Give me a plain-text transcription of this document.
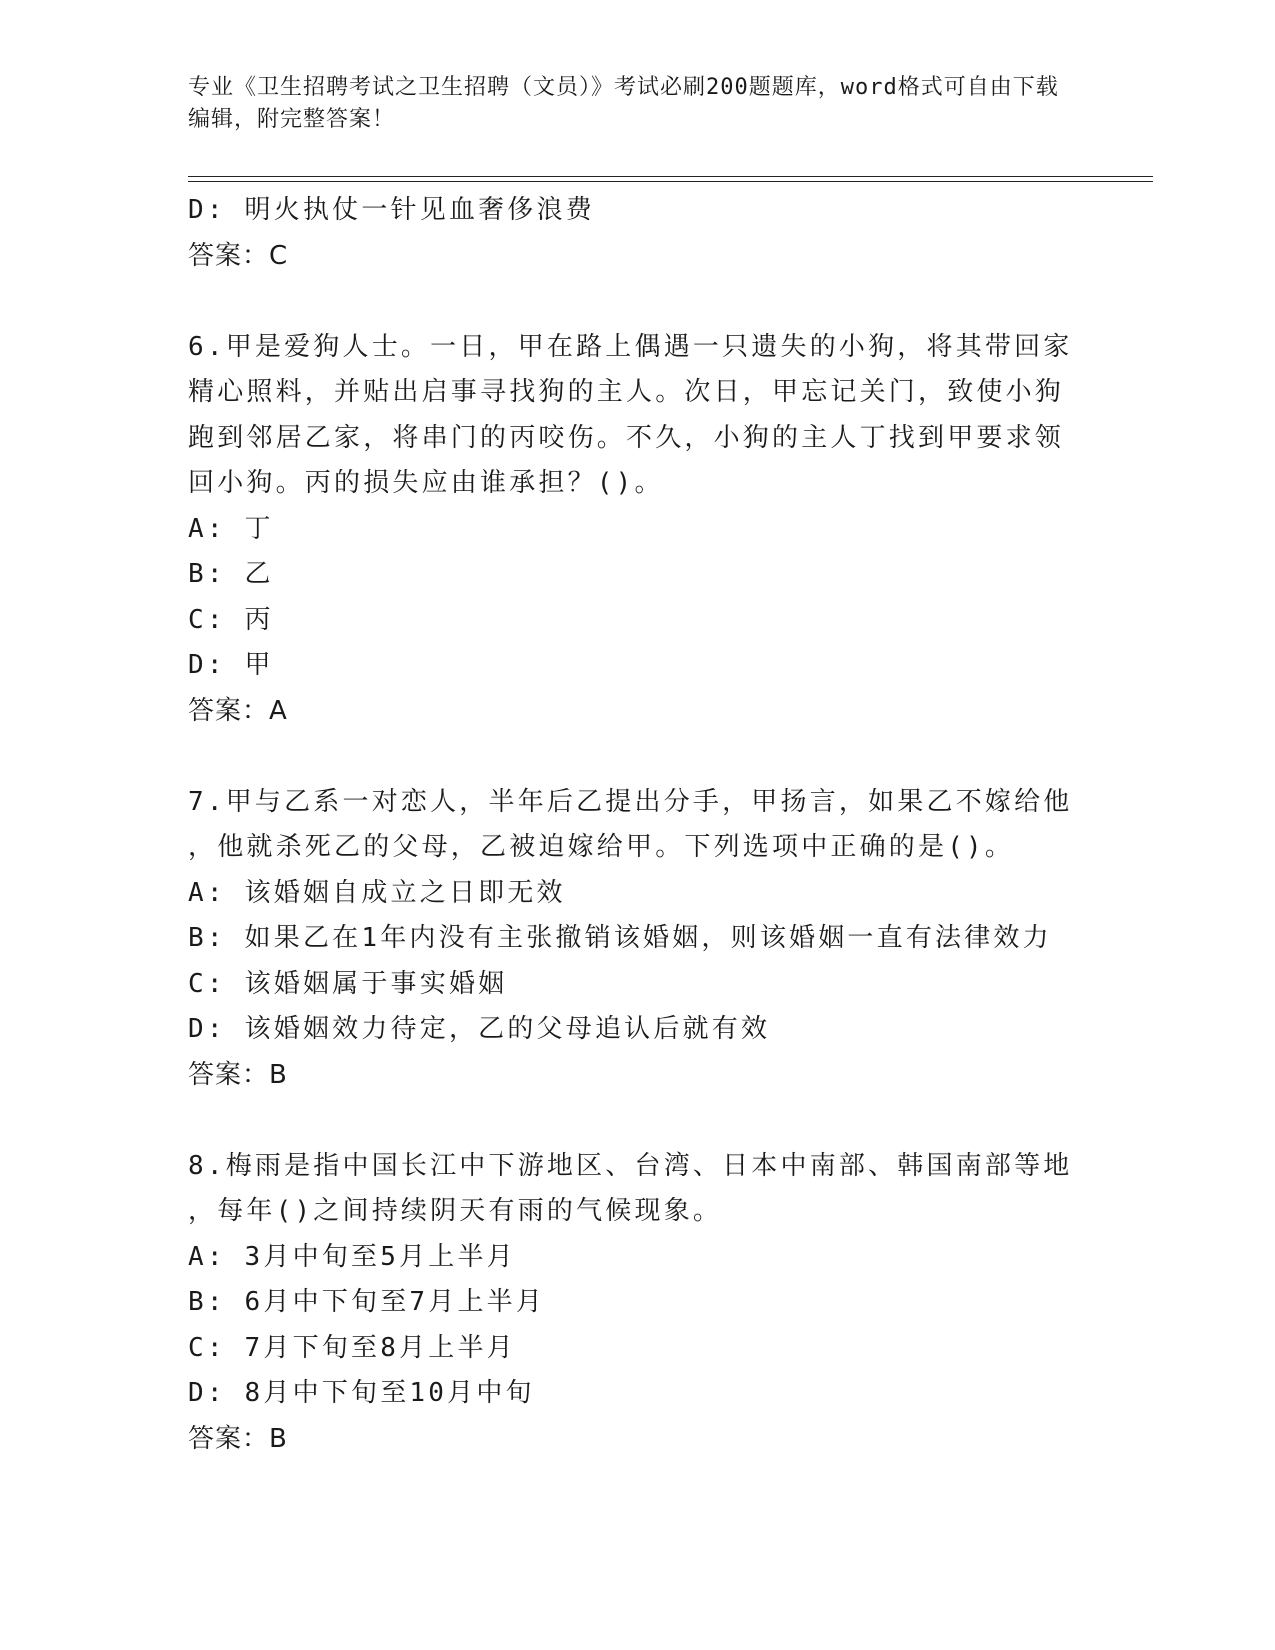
专业《卫生招聘考试之卫生招聘（文员）》考试必刷200题题库，word格式可自由下载编辑，附完整答案！
D: 明火执仗一针见血奢侈浪费
答案：C
6.甲是爱狗人士。一日，甲在路上偶遇一只遗失的小狗，将其带回家
精心照料，并贴出启事寻找狗的主人。次日，甲忘记关门，致使小狗
跑到邻居乙家，将串门的丙咬伤。不久，小狗的主人丁找到甲要求领
回小狗。丙的损失应由谁承担？()。
A: 丁
B: 乙
C: 丙
D: 甲
答案：A
7.甲与乙系一对恋人，半年后乙提出分手，甲扬言，如果乙不嫁给他
，他就杀死乙的父母，乙被迫嫁给甲。下列选项中正确的是()。
A: 该婚姻自成立之日即无效
B: 如果乙在1年内没有主张撤销该婚姻，则该婚姻一直有法律效力
C: 该婚姻属于事实婚姻
D: 该婚姻效力待定，乙的父母追认后就有效
答案：B
8.梅雨是指中国长江中下游地区、台湾、日本中南部、韩国南部等地
，每年()之间持续阴天有雨的气候现象。
A: 3月中旬至5月上半月
B: 6月中下旬至7月上半月
C: 7月下旬至8月上半月
D: 8月中下旬至10月中旬
答案：B
